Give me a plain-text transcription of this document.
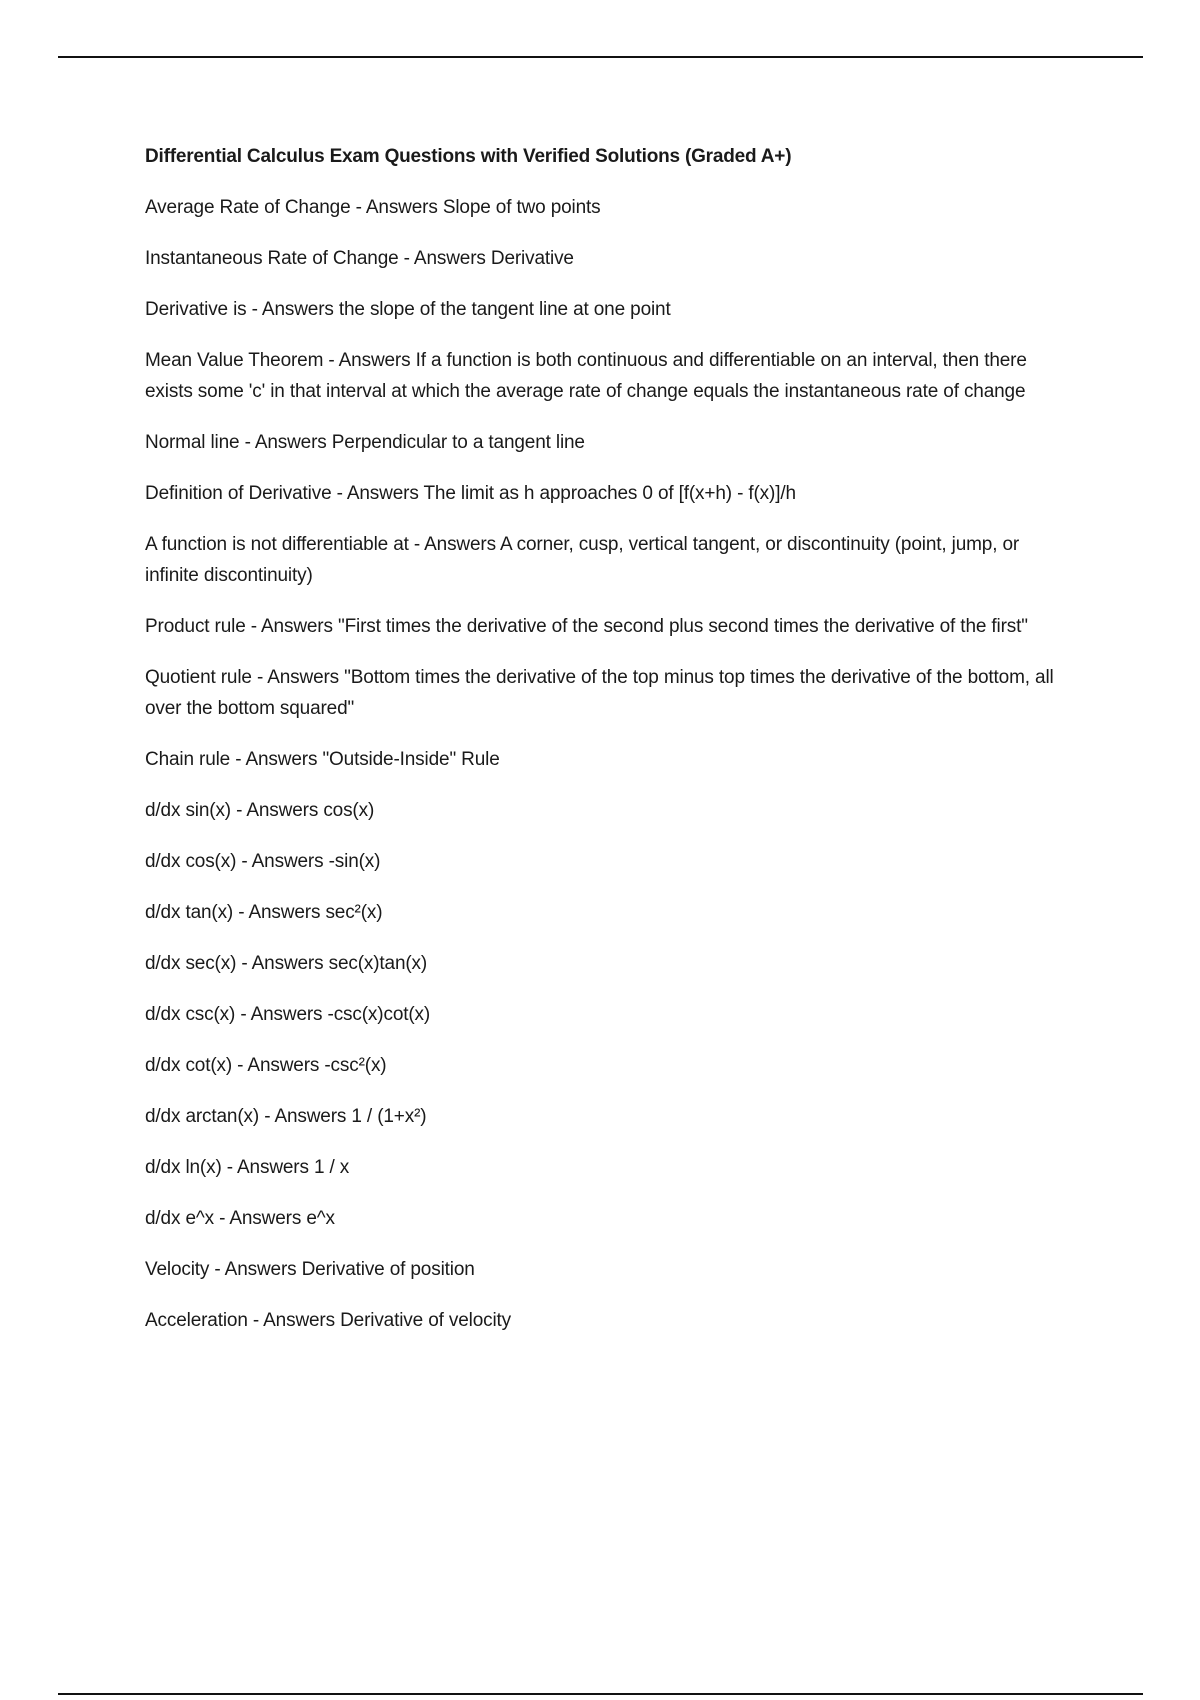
Differential Calculus Exam Questions with Verified Solutions (Graded A+)
Average Rate of Change - Answers Slope of two points
Instantaneous Rate of Change - Answers Derivative
Derivative is - Answers the slope of the tangent line at one point
Mean Value Theorem - Answers If a function is both continuous and differentiable on an interval, then there exists some 'c' in that interval at which the average rate of change equals the instantaneous rate of change
Normal line - Answers Perpendicular to a tangent line
Definition of Derivative - Answers The limit as h approaches 0 of [f(x+h) - f(x)]/h
A function is not differentiable at - Answers A corner, cusp, vertical tangent, or discontinuity (point, jump, or infinite discontinuity)
Product rule - Answers "First times the derivative of the second plus second times the derivative of the first"
Quotient rule - Answers "Bottom times the derivative of the top minus top times the derivative of the bottom, all over the bottom squared"
Chain rule - Answers "Outside-Inside" Rule
d/dx sin(x) - Answers cos(x)
d/dx cos(x) - Answers -sin(x)
d/dx tan(x) - Answers sec²(x)
d/dx sec(x) - Answers sec(x)tan(x)
d/dx csc(x) - Answers -csc(x)cot(x)
d/dx cot(x) - Answers -csc²(x)
d/dx arctan(x) - Answers 1 / (1+x²)
d/dx ln(x) - Answers 1 / x
d/dx e^x - Answers e^x
Velocity - Answers Derivative of position
Acceleration - Answers Derivative of velocity
